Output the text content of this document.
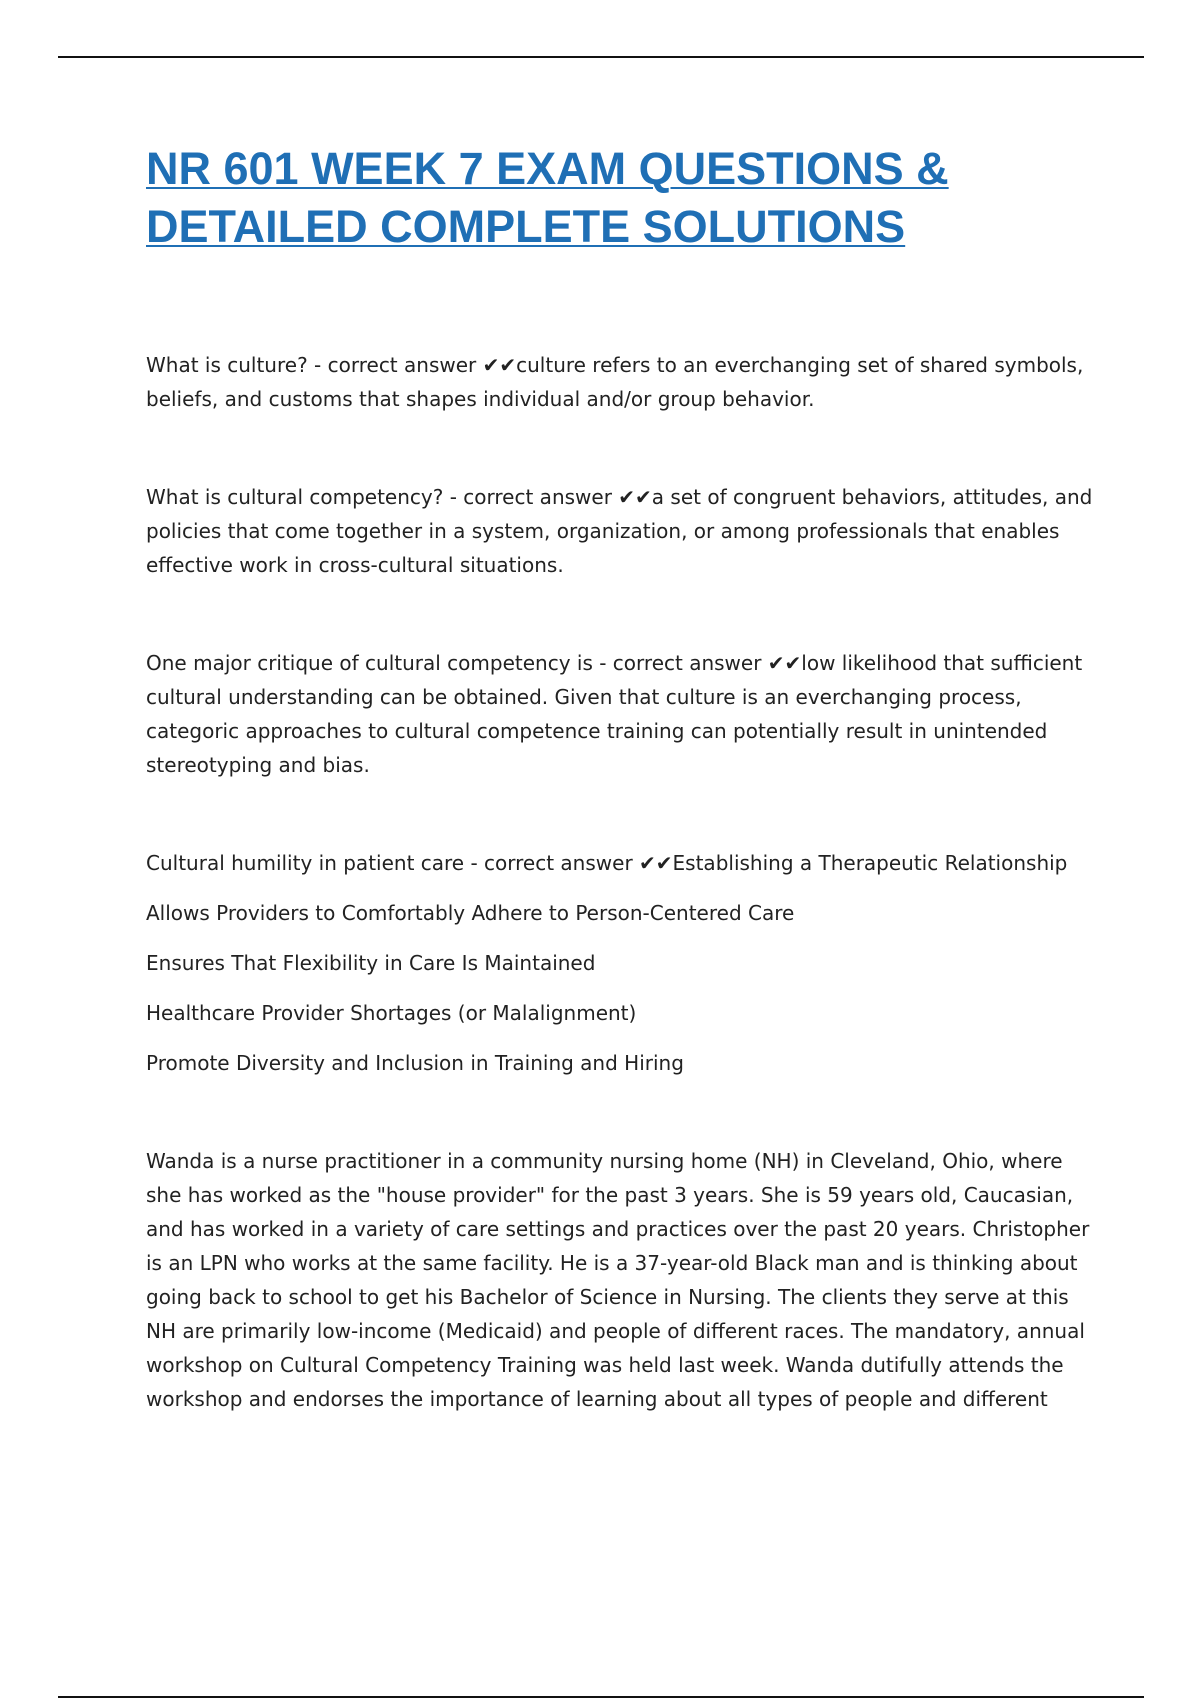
NR 601 WEEK 7 EXAM QUESTIONS & DETAILED COMPLETE SOLUTIONS

What is culture? - correct answer ✔✔culture refers to an everchanging set of shared symbols, beliefs, and customs that shapes individual and/or group behavior.

What is cultural competency? - correct answer ✔✔a set of congruent behaviors, attitudes, and policies that come together in a system, organization, or among professionals that enables effective work in cross-cultural situations.

One major critique of cultural competency is - correct answer ✔✔low likelihood that sufficient cultural understanding can be obtained. Given that culture is an everchanging process, categoric approaches to cultural competence training can potentially result in unintended stereotyping and bias.

Cultural humility in patient care - correct answer ✔✔Establishing a Therapeutic Relationship

Allows Providers to Comfortably Adhere to Person-Centered Care

Ensures That Flexibility in Care Is Maintained

Healthcare Provider Shortages (or Malalignment)

Promote Diversity and Inclusion in Training and Hiring

Wanda is a nurse practitioner in a community nursing home (NH) in Cleveland, Ohio, where she has worked as the "house provider" for the past 3 years. She is 59 years old, Caucasian, and has worked in a variety of care settings and practices over the past 20 years. Christopher is an LPN who works at the same facility. He is a 37-year-old Black man and is thinking about going back to school to get his Bachelor of Science in Nursing. The clients they serve at this NH are primarily low-income (Medicaid) and people of different races. The mandatory, annual workshop on Cultural Competency Training was held last week. Wanda dutifully attends the workshop and endorses the importance of learning about all types of people and different
